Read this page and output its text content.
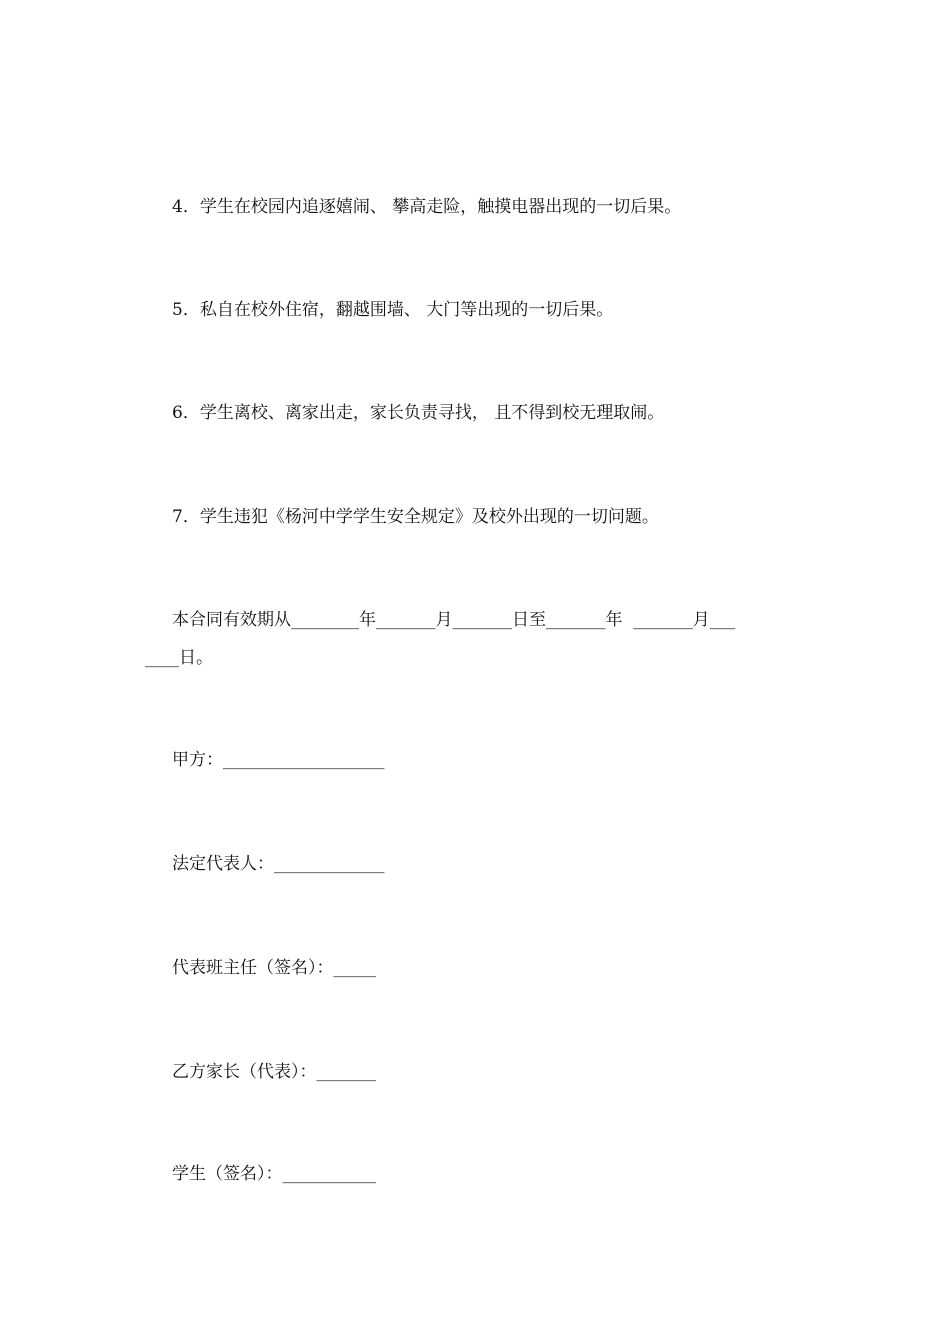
4．学生在校园内追逐嬉闹、 攀高走险，触摸电器出现的一切后果。
5．私自在校外住宿，翻越围墙、 大门等出现的一切后果。
6．学生离校、离家出走，家长负责寻找， 且不得到校无理取闹。
7．学生违犯《杨河中学学生安全规定》及校外出现的一切问题。
本合同有效期从________年_______月_______日至_______年  _______月___
____日。
甲方：___________________
法定代表人：_____________
代表班主任（签名）：_____
乙方家长（代表）：_______
学生（签名）：___________
